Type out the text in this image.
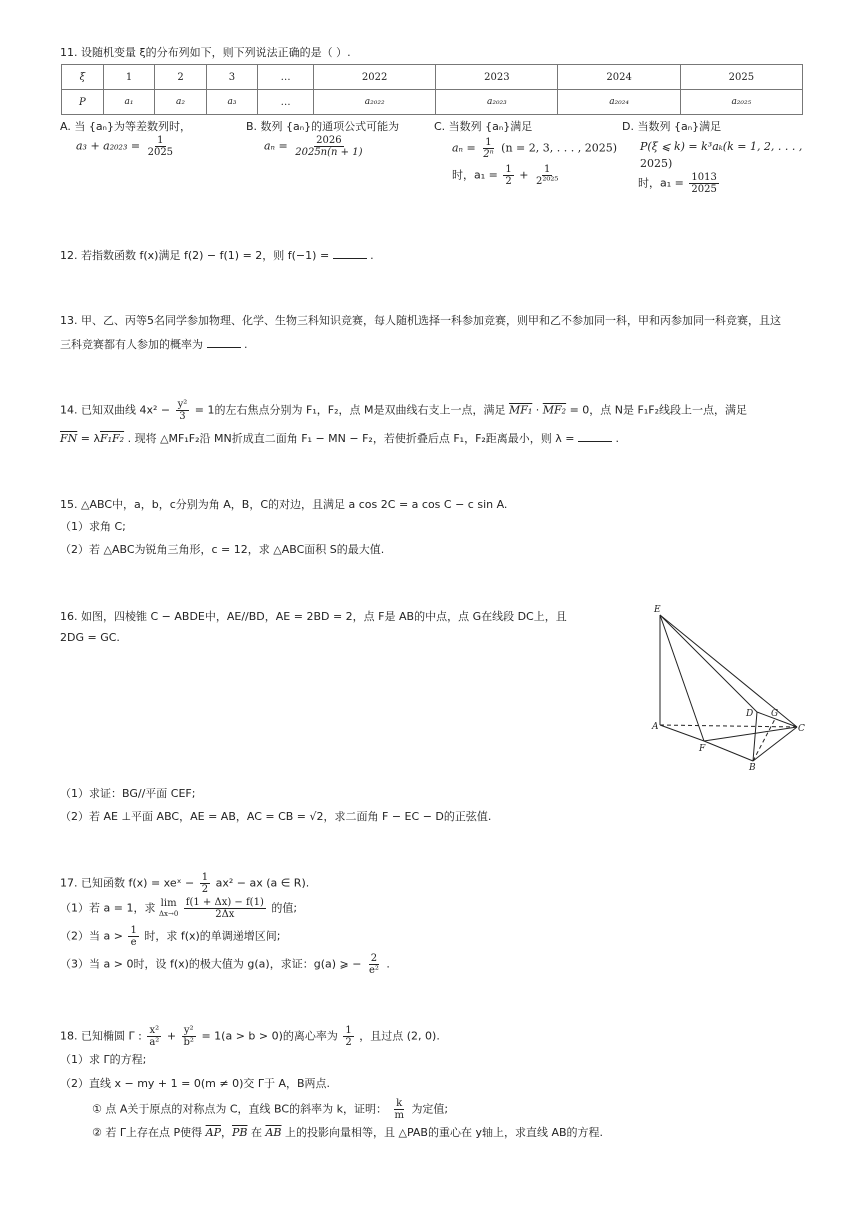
11. 设随机变量 ξ的分布列如下，则下列说法正确的是（ ）.
ξ	1	2	3	…	2022	2023	2024	2025
P	a₁	a₂	a₃	…	a₂₀₂₂	a₂₀₂₃	a₂₀₂₄	a₂₀₂₅
A. 当 {aₙ}为等差数列时，
$a_3 + a_{2023} = \frac{1}{2025}$
B. 数列 {aₙ}的通项公式可能为
$a_n = \frac{2026}{2025n(n + 1)}$
C. 当数列 {aₙ}满足
$a_n = \frac{1}{\text{2ⁿ}} (n = 2$, 3, . . . , 2025)
时，$a_1 = \frac{1}{2} + \frac{1}{\text{2²⁰²⁵}}$
D. 当数列 {aₙ}满足
P(ξ ⩽ k) = k³aₖ(k = 1, 2, . . . ,
2025)
时，$a_1 = \frac{1013}{2025}$
12. 若指数函数 f(x)满足 f(2) − f(1) = 2，则 f(−1) =	.
13. 甲、乙、丙等5名同学参加物理、化学、生物三科知识竞赛，每人随机选择一科参加竞赛，则甲和乙不参加同一科，甲和丙参加同一科竞赛，且这
三科竞赛都有人参加的概率为	.
14. 已知双曲线 $4x^2 - \frac{\text{y²}}{3} = 1$的左右焦点分别为 F₁，F₂，点 M是双曲线右支上一点，满足 MF₁ · MF₂ = 0，点 N是 F₁F₂线段上一点，满足
$\overline{FN} = \lambda F_1F_2$ . 现将 △MF₁F₂沿 MN折成直二面角 F₁ − MN − F₂，若使折叠后点 F₁，F₂距离最小，则 λ =	.
15. △ABC中，a，b，c分别为角 A，B，C的对边，且满足 a cos 2C = a cos C − c sin A.
（1）求角 C;
（2）若 △ABC为锐角三角形，c = 12，求 △ABC面积 S的最大值.
16. 如图，四棱锥 C − ABDE中，AE//BD，AE = 2BD = 2，点 F是 AB的中点，点 G在线段 DC上，且
2DG = GC.
E
A
D G
C
F
B
（1）求证：BG//平面 CEF;
（2）若 AE ⊥平面 ABC，AE = AB，AC = CB = √2，求二面角 F − EC − D的正弦值.
17. 已知函数 f(x) = xeˣ − $\frac{1}{2} ax^2$ − ax (a ∈ R).
（1）若 a = 1，求 lim
Δx→0
$\frac{f(1 + \Delta x) - f(1)}{2\Delta x}$ 的值;
（2）当 $a > \frac{1}{e}$ 时，求 f(x)的单调递增区间;
（3）当 a > 0时，设 f(x)的极大值为 g(a)，求证：g(a) ⩾ − $\frac{2}{\text{e²}}$ .
18. 已知椭圆 Γ : $\frac{\text{x²}}{\text{a²}} + \frac{\text{y²}}{\text{b²}} = 1(a > b > 0)$的离心率为 $\frac{1}{2}$ ，且过点 (2, 0).
（1）求 Γ的方程;
（2）直线 x − my + 1 = 0(m ≠ 0)交 Γ于 A，B两点.
① 点 A关于原点的对称点为 C，直线 BC的斜率为 k，证明： $\frac{k}{m}$ 为定值;
② 若 Γ上存在点 P使得 $\overline{AP}$，$\overline{PB}$ 在 $\overline{AB}$ 上的投影向量相等，且 △PAB的重心在 y轴上，求直线 AB的方程.
